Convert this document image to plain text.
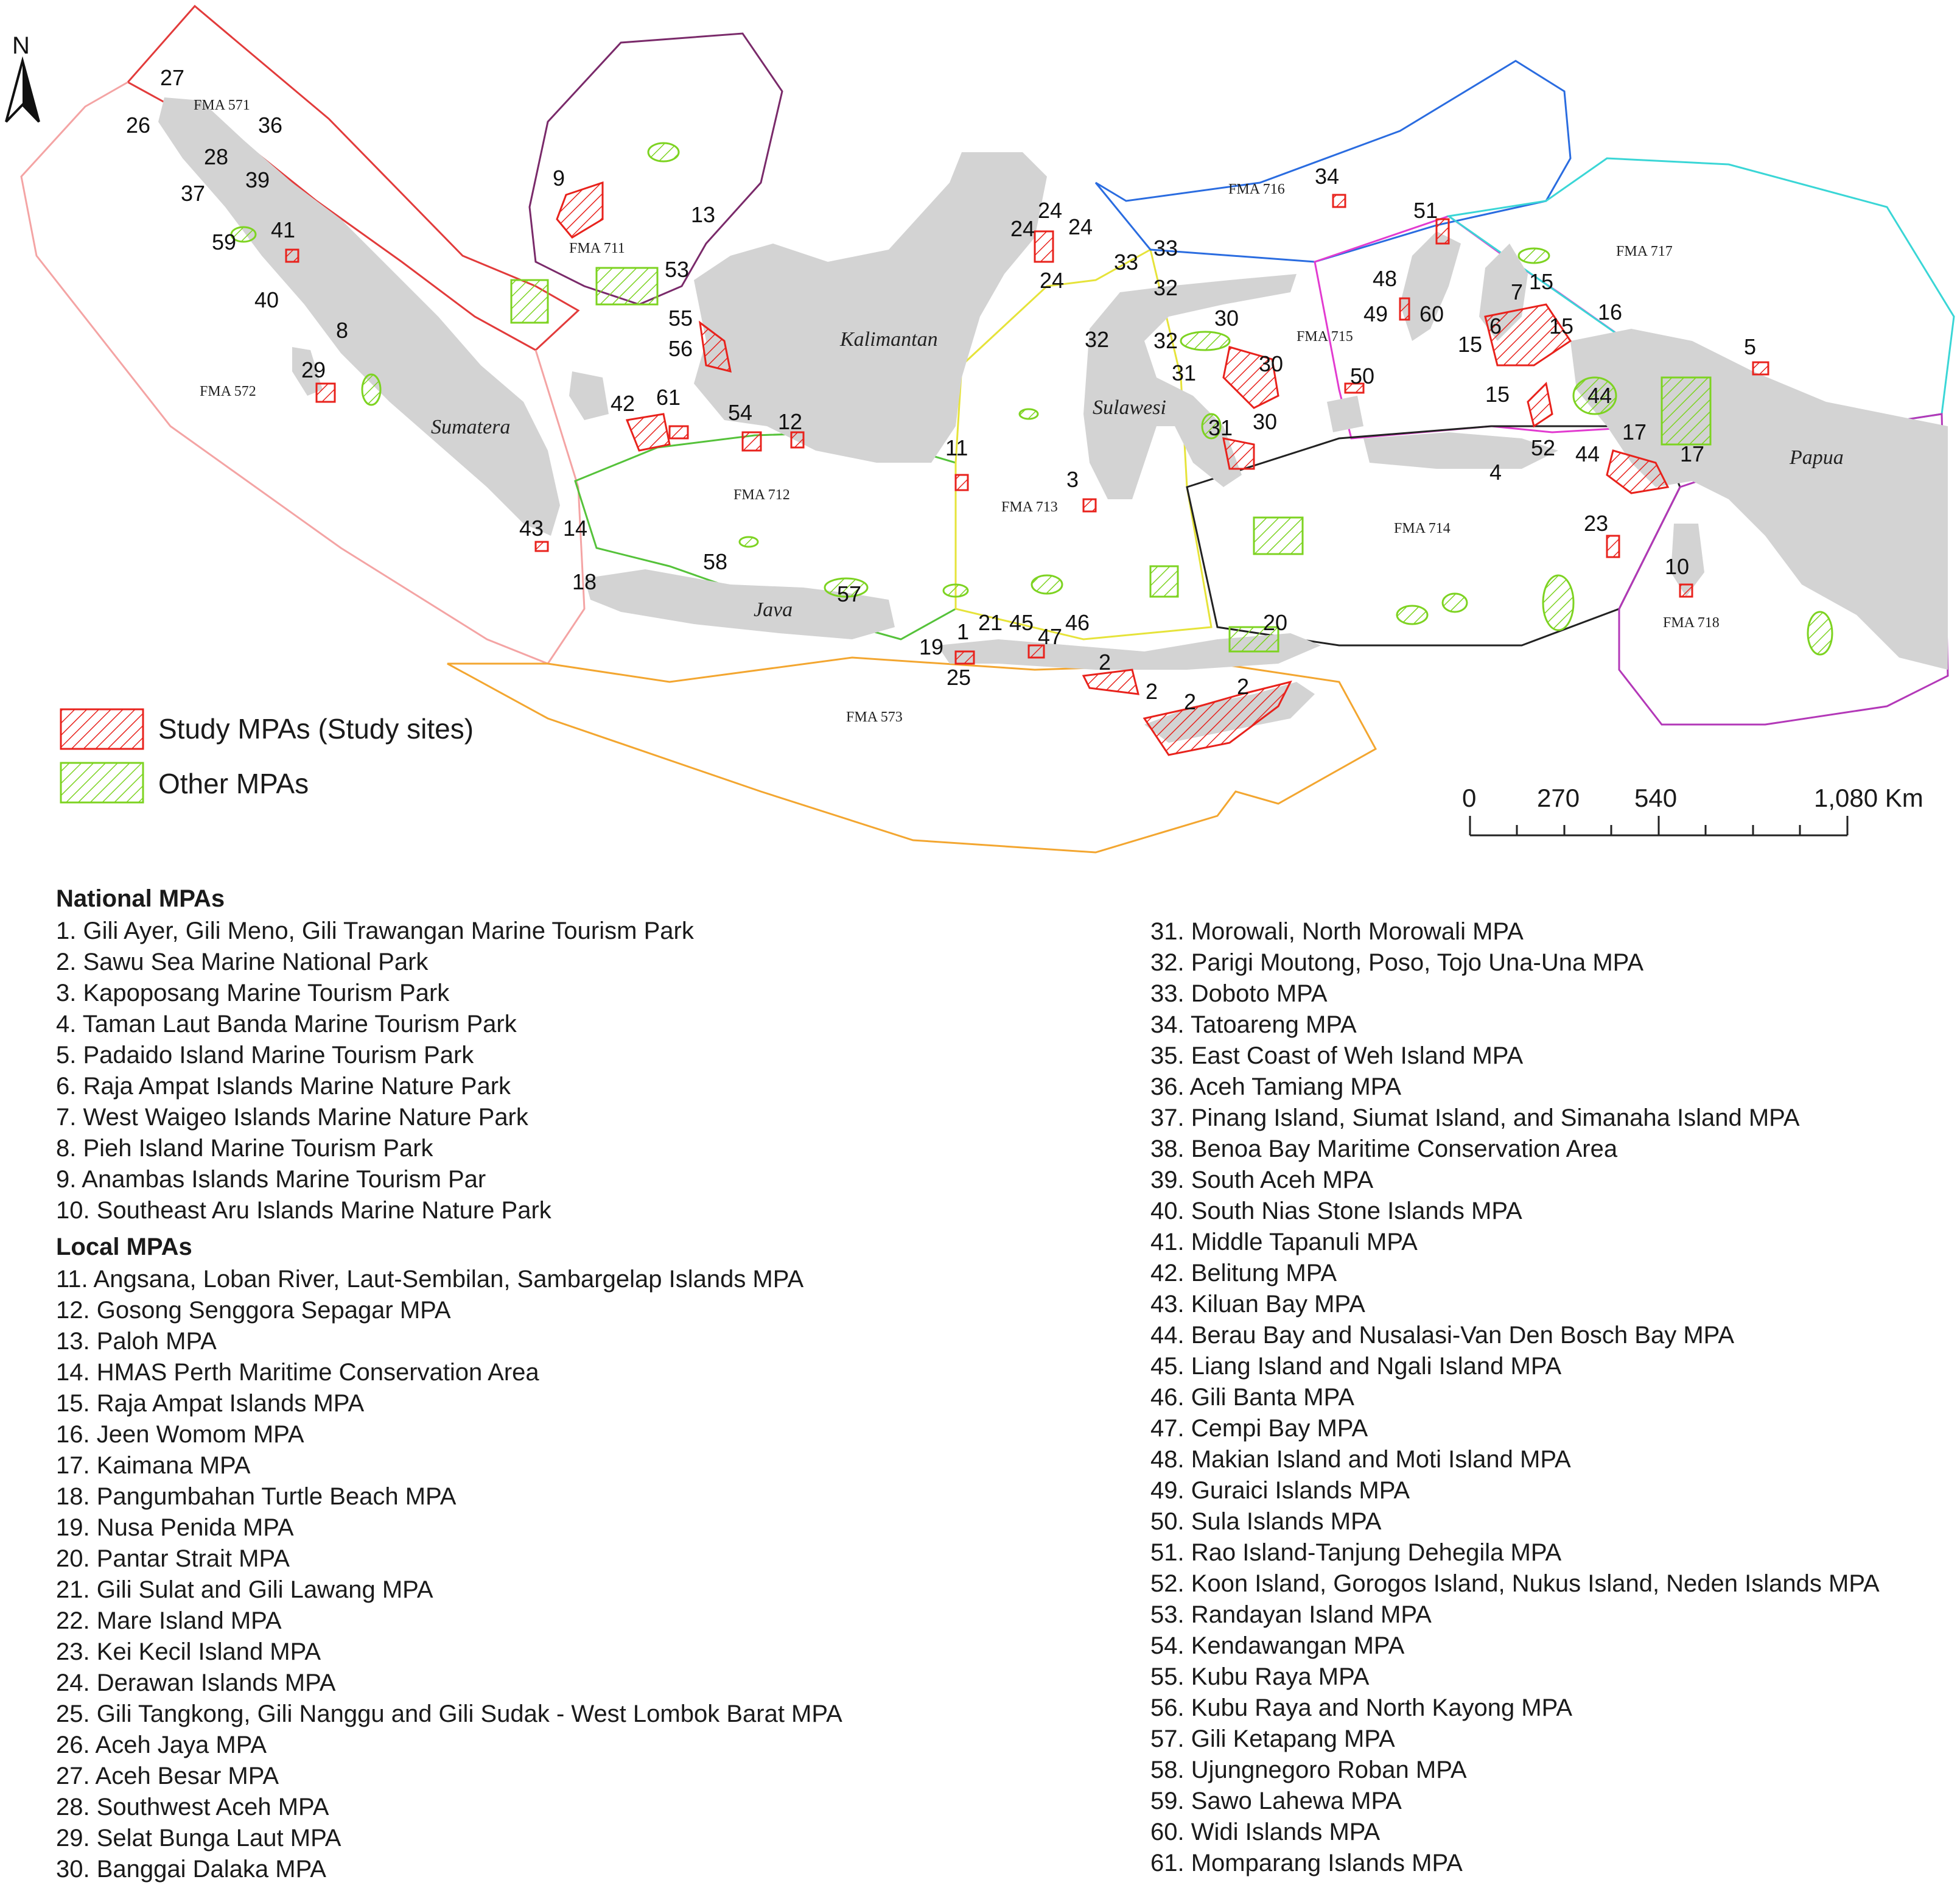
FMA 571
FMA 711
FMA 716
FMA 717
FMA 572
FMA 712
FMA 713
FMA 715
FMA 714
FMA 718
FMA 573
Sumatera
Kalimantan
Sulawesi
Java
Papua
27
26	36
28
39
37
59 41
40
8
29
43 14
18
58
57
9
13
53
55
56
42 61
54 12
11
24
24
24
24
33
33
32
32
30
32
31	30
30
31
3
34
51
48
49 60 6
7 15
15
15
15
16
5
44
44
17
17
52
4
23
10
50
1 21 45
47
46
19
25
2
2 2
2
20
N
Study MPAs (Study sites)
Other MPAs	0 270 540	1,080 Km
National MPAs
1. Gili Ayer, Gili Meno, Gili Trawangan Marine Tourism Park
2. Sawu Sea Marine National Park
3. Kapoposang Marine Tourism Park
4. Taman Laut Banda Marine Tourism Park
5. Padaido Island Marine Tourism Park
6. Raja Ampat Islands Marine Nature Park
7. West Waigeo Islands Marine Nature Park
8. Pieh Island Marine Tourism Park
9. Anambas Islands Marine Tourism Par
10. Southeast Aru Islands Marine Nature Park
Local MPAs
11. Angsana, Loban River, Laut-Sembilan, Sambargelap Islands MPA
12. Gosong Senggora Sepagar MPA
13. Paloh MPA
14. HMAS Perth Maritime Conservation Area
15. Raja Ampat Islands MPA
16. Jeen Womom MPA
17. Kaimana MPA
18. Pangumbahan Turtle Beach MPA
19. Nusa Penida MPA
20. Pantar Strait MPA
21. Gili Sulat and Gili Lawang MPA
22. Mare Island MPA
23. Kei Kecil Island MPA
24. Derawan Islands MPA
25. Gili Tangkong, Gili Nanggu and Gili Sudak - West Lombok Barat MPA
26. Aceh Jaya MPA
27. Aceh Besar MPA
28. Southwest Aceh MPA
29. Selat Bunga Laut MPA
30. Banggai Dalaka MPA
31. Morowali, North Morowali MPA
32. Parigi Moutong, Poso, Tojo Una-Una MPA
33. Doboto MPA
34. Tatoareng MPA
35. East Coast of Weh Island MPA
36. Aceh Tamiang MPA
37. Pinang Island, Siumat Island, and Simanaha Island MPA
38. Benoa Bay Maritime Conservation Area
39. South Aceh MPA
40. South Nias Stone Islands MPA
41. Middle Tapanuli MPA
42. Belitung MPA
43. Kiluan Bay MPA
44. Berau Bay and Nusalasi-Van Den Bosch Bay MPA
45. Liang Island and Ngali Island MPA
46. Gili Banta MPA
47. Cempi Bay MPA
48. Makian Island and Moti Island MPA
49. Guraici Islands MPA
50. Sula Islands MPA
51. Rao Island-Tanjung Dehegila MPA
52. Koon Island, Gorogos Island, Nukus Island, Neden Islands MPA
53. Randayan Island MPA
54. Kendawangan MPA
55. Kubu Raya MPA
56. Kubu Raya and North Kayong MPA
57. Gili Ketapang MPA
58. Ujungnegoro Roban MPA
59. Sawo Lahewa MPA
60. Widi Islands MPA
61. Momparang Islands MPA
